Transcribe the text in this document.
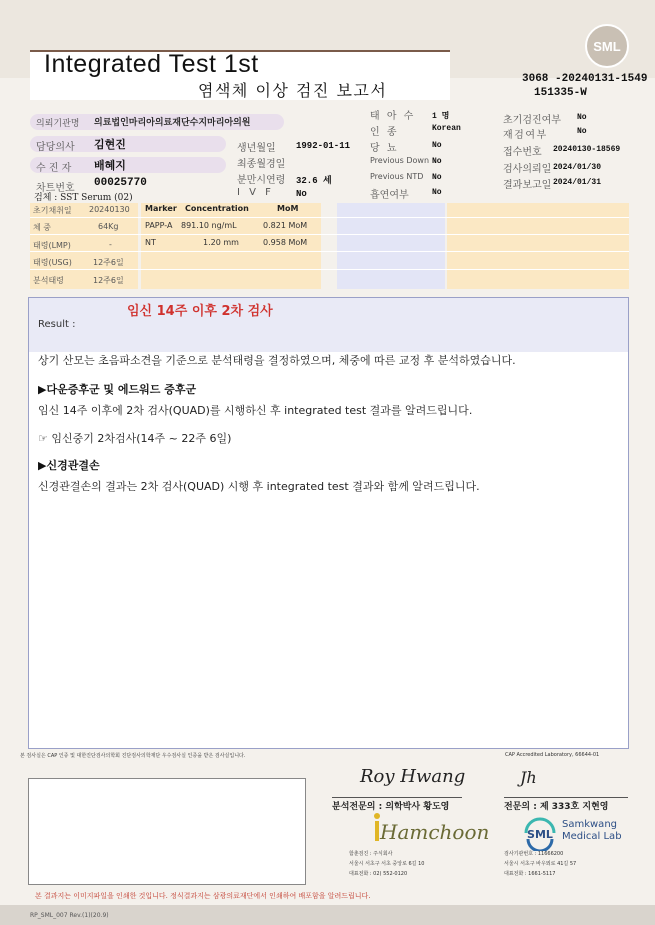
Integrated Test 1st
염색체 이상 검진 보고서
SML
3068 -20240131-1549
151335-W
의뢰기관명 의료법인마리아의료재단수지마리아의원
담당의사 김현진
수 진 자 배혜지
차트번호 00025770
검체 : SST Serum (02)
생년월일 1992-01-11
최종월경일
분만시연령 32.6 세
I V F No
태 아 수 1 명
인 종	Korean
당 뇨	No
Previous Down No
Previous NTD No
흡연여부	No
초기검진여부 No
재검여부	No
접수번호 20240130-18569
검사의뢰일 2024/01/30
결과보고일 2024/01/31
초기채취일 20240130
체 중	64Kg
태령(LMP)	-
태령(USG)	12주6일
분석태령	12주6일
Marker Concentration	MoM
PAPP-A 891.10 ng/mL	0.821 MoM
NT	1.20 mm	0.958 MoM
Result :
임신 14주 이후 2차 검사
상기 산모는 초음파소견을 기준으로 분석태령을 결정하였으며, 체중에 따른 교정 후 분석하였습니다.
▶다운증후군 및 에드워드 증후군
임신 14주 이후에 2차 검사(QUAD)를 시행하신 후 integrated test 결과를 알려드립니다.
☞ 임신중기 2차검사(14주 ~ 22주 6일)
▶신경관결손
신경관결손의 결과는 2차 검사(QUAD) 시행 후 integrated test 결과와 함께 알려드립니다.
본 검사실은 CAP 인증 및 대한진단검사의학회 진단검사의학재단 우수검사실 인증을 받은 검사실입니다.	CAP Accredited Laboratory, 66644-01
Roy Hwang	Jh
분석전문의 : 의학박사 황도영	전문의 : 제 333호 지현영
Hamchoon
함춘검진 : 주식회사
서울시 서초구 서초 중앙로 6길 10
대표전화 : 02) 552-0120
SML
Samkwang
Medical Lab
검사기관번호 : 11666200
서울시 서초구 바우뫼로 41길 57
대표전화 : 1661-5117
본 결과지는 이미지파일을 인쇄한 것입니다. 정식결과지는 삼광의료재단에서 인쇄하여 배포함을 알려드립니다.
RP_SML_007 Rev.(1)(20.9)
